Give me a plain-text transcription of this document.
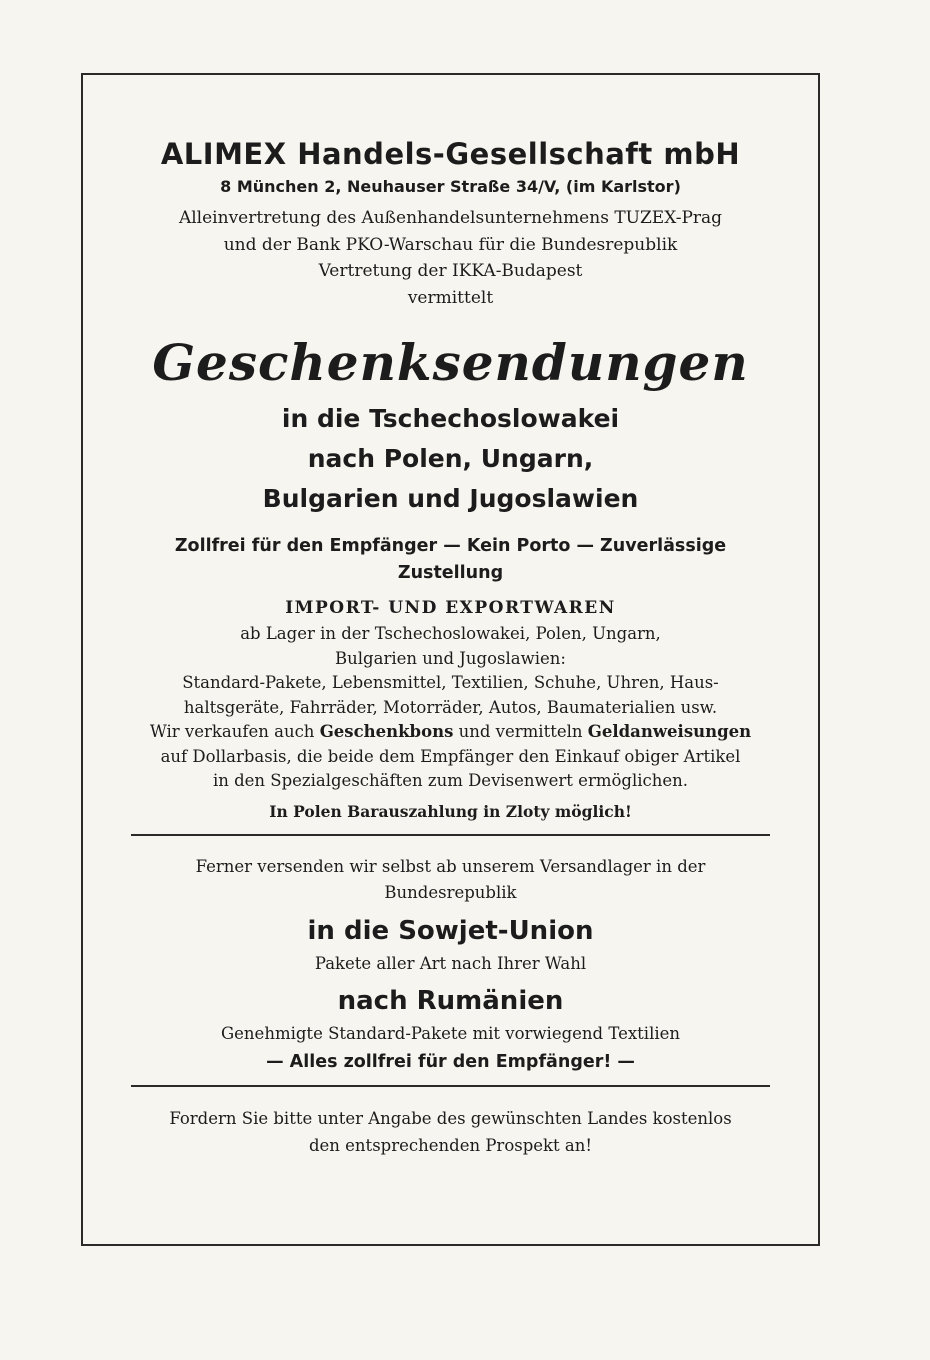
ALIMEX Handels-Gesellschaft mbH
8 München 2, Neuhauser Straße 34/V, (im Karlstor)
Alleinvertretung des Außenhandelsunternehmens TUZEX-Prag
und der Bank PKO-Warschau für die Bundesrepublik
Vertretung der IKKA-Budapest
vermittelt
Geschenksendungen
in die Tschechoslowakei
nach Polen, Ungarn,
Bulgarien und Jugoslawien
Zollfrei für den Empfänger — Kein Porto — Zuverlässige
Zustellung
IMPORT- UND EXPORTWAREN
ab Lager in der Tschechoslowakei, Polen, Ungarn,
Bulgarien und Jugoslawien:
Standard-Pakete, Lebensmittel, Textilien, Schuhe, Uhren, Haus-
haltsgeräte, Fahrräder, Motorräder, Autos, Baumaterialien usw.
Wir verkaufen auch Geschenkbons und vermitteln Geldanweisungen
auf Dollarbasis, die beide dem Empfänger den Einkauf obiger Artikel
in den Spezialgeschäften zum Devisenwert ermöglichen.
In Polen Barauszahlung in Zloty möglich!
Ferner versenden wir selbst ab unserem Versandlager in der
Bundesrepublik
in die Sowjet-Union
Pakete aller Art nach Ihrer Wahl
nach Rumänien
Genehmigte Standard-Pakete mit vorwiegend Textilien
— Alles zollfrei für den Empfänger! —
Fordern Sie bitte unter Angabe des gewünschten Landes kostenlos
den entsprechenden Prospekt an!
